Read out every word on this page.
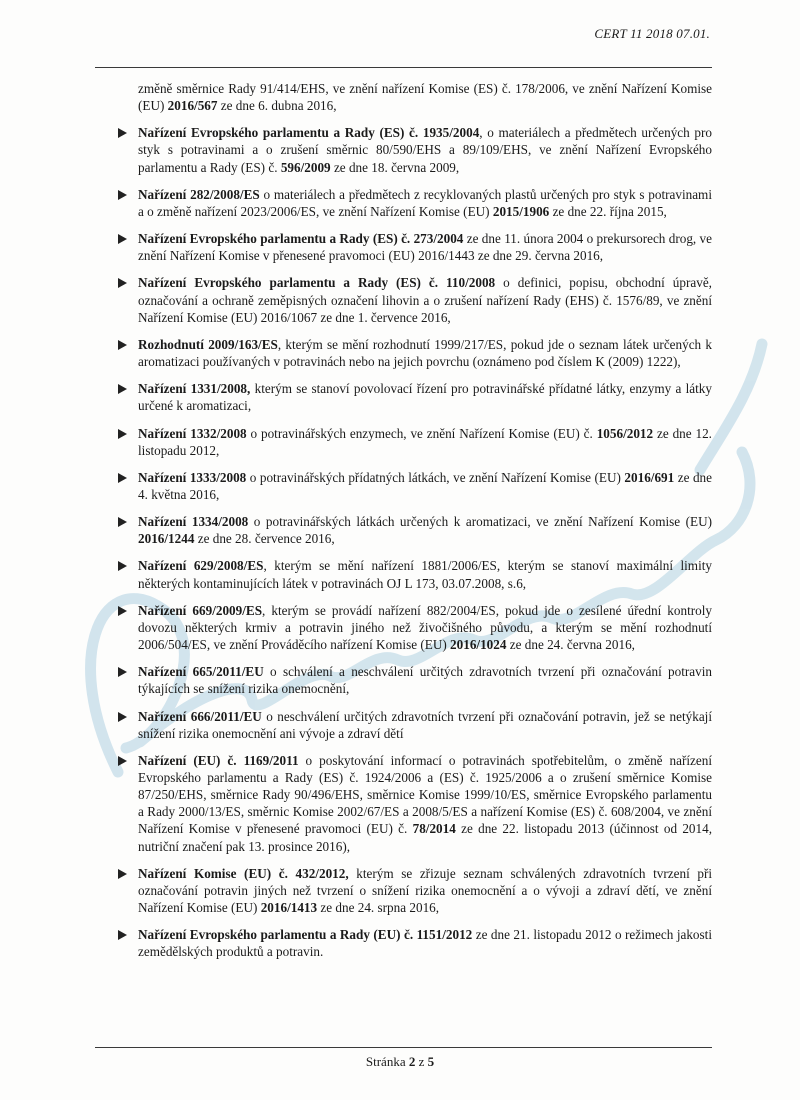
CERT 11 2018 07.01.

změně směrnice Rady 91/414/EHS, ve znění nařízení Komise (ES) č. 178/2006, ve znění Nařízení Komise (EU) 2016/567 ze dne 6. dubna 2016,

Nařízení Evropského parlamentu a Rady (ES) č. 1935/2004, o materiálech a předmětech určených pro styk s potravinami a o zrušení směrnic 80/590/EHS a 89/109/EHS, ve znění Nařízení Evropského parlamentu a Rady (ES) č. 596/2009 ze dne 18. června 2009,
Nařízení 282/2008/ES o materiálech a předmětech z recyklovaných plastů určených pro styk s potravinami a o změně nařízení 2023/2006/ES, ve znění Nařízení Komise (EU) 2015/1906 ze dne 22. října 2015,
Nařízení Evropského parlamentu a Rady (ES) č. 273/2004 ze dne 11. února 2004 o prekursorech drog, ve znění Nařízení Komise v přenesené pravomoci (EU) 2016/1443 ze dne 29. června 2016,
Nařízení Evropského parlamentu a Rady (ES) č. 110/2008 o definici, popisu, obchodní úpravě, označování a ochraně zeměpisných označení lihovin a o zrušení nařízení Rady (EHS) č. 1576/89, ve znění Nařízení Komise (EU) 2016/1067 ze dne 1. července 2016,
Rozhodnutí 2009/163/ES, kterým se mění rozhodnutí 1999/217/ES, pokud jde o seznam látek určených k aromatizaci používaných v potravinách nebo na jejich povrchu (oznámeno pod číslem K (2009) 1222),
Nařízení 1331/2008, kterým se stanoví povolovací řízení pro potravinářské přídatné látky, enzymy a látky určené k aromatizaci,
Nařízení 1332/2008 o potravinářských enzymech, ve znění Nařízení Komise (EU) č. 1056/2012 ze dne 12. listopadu 2012,
Nařízení 1333/2008 o potravinářských přídatných látkách, ve znění Nařízení Komise (EU) 2016/691 ze dne 4. května 2016,
Nařízení 1334/2008 o potravinářských látkách určených k aromatizaci, ve znění Nařízení Komise (EU) 2016/1244 ze dne 28. července 2016,
Nařízení 629/2008/ES, kterým se mění nařízení 1881/2006/ES, kterým se stanoví maximální limity některých kontaminujících látek v potravinách OJ L 173, 03.07.2008, s.6,
Nařízení 669/2009/ES, kterým se provádí nařízení 882/2004/ES, pokud jde o zesílené úřední kontroly dovozu některých krmiv a potravin jiného než živočišného původu, a kterým se mění rozhodnutí 2006/504/ES, ve znění Prováděcího nařízení Komise (EU) 2016/1024 ze dne 24. června 2016,
Nařízení 665/2011/EU o schválení a neschválení určitých zdravotních tvrzení při označování potravin týkajících se snížení rizika onemocnění,
Nařízení 666/2011/EU o neschválení určitých zdravotních tvrzení při označování potravin, jež se netýkají snížení rizika onemocnění ani vývoje a zdraví dětí
Nařízení (EU) č. 1169/2011 o poskytování informací o potravinách spotřebitelům, o změně nařízení Evropského parlamentu a Rady (ES) č. 1924/2006 a (ES) č. 1925/2006 a o zrušení směrnice Komise 87/250/EHS, směrnice Rady 90/496/EHS, směrnice Komise 1999/10/ES, směrnice Evropského parlamentu a Rady 2000/13/ES, směrnic Komise 2002/67/ES a 2008/5/ES a nařízení Komise (ES) č. 608/2004, ve znění Nařízení Komise v přenesené pravomoci (EU) č. 78/2014 ze dne 22. listopadu 2013 (účinnost od 2014, nutriční značení pak 13. prosince 2016),
Nařízení Komise (EU) č. 432/2012, kterým se zřizuje seznam schválených zdravotních tvrzení při označování potravin jiných než tvrzení o snížení rizika onemocnění a o vývoji a zdraví dětí, ve znění Nařízení Komise (EU) 2016/1413 ze dne 24. srpna 2016,
Nařízení Evropského parlamentu a Rady (EU) č. 1151/2012 ze dne 21. listopadu 2012 o režimech jakosti zemědělských produktů a potravin.
Stránka 2 z 5
